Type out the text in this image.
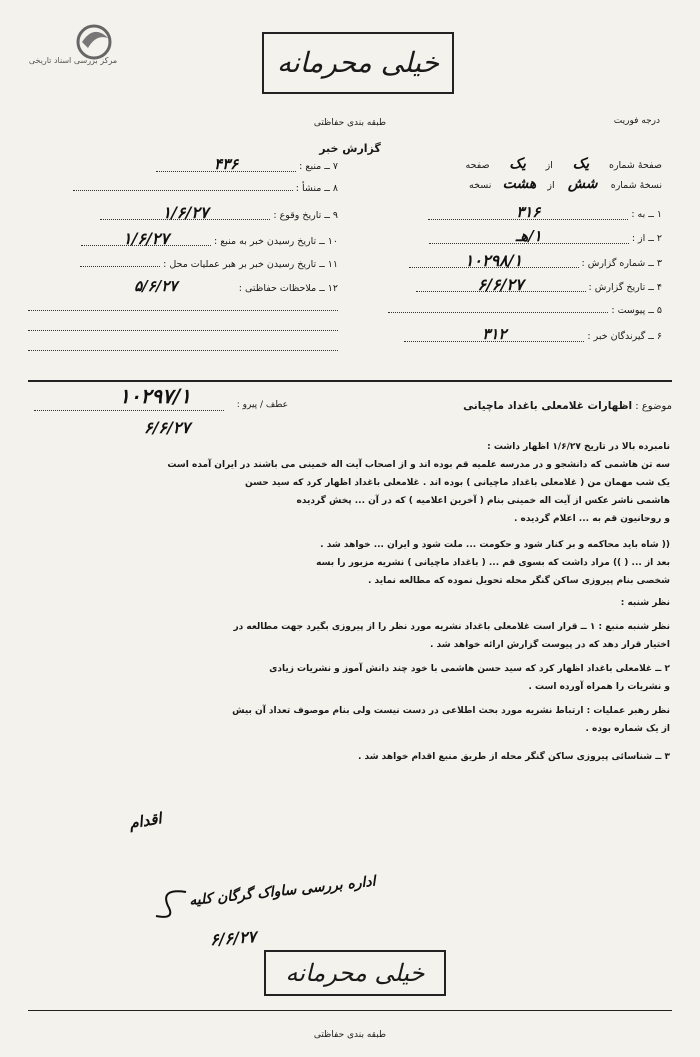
مرکز بررسی اسناد تاریخی	خیلی محرمانه
طبقه بندی حفاظتی	درجه فوریت
گزارش خبر
۷ ــ منبع : ۴۳۶
۸ ــ منشأ :
۹ ــ تاریخ وقوع : ۱/۶/۲۷
۱۰ ــ تاریخ رسیدن خبر به منبع : ۱/۶/۲۷
۱۱ ــ تاریخ رسیدن خبر بر هبر عملیات محل :
۱۲ ــ ملاحظات حفاظتی : ۵/۶/۲۷
صفحهٔ شماره یک از یک صفحه
نسخهٔ شماره شش از هشت نسخه
۱ ــ به : ۳۱۶
۲ ــ از : ۱/هـ
۳ ــ شماره گزارش : ۱۰۲۹۸/۱
۴ ــ تاریخ گزارش : ۶/۶/۲۷
۵ ــ پیوست :
۶ ــ گیرندگان خبر : ۳۱۲
موضوع : اظهارات غلامعلی باغداد ماچیانی
عطف / پیرو :
۱۰۲۹۷/۱
۶/۶/۲۷
نامبرده بالا در تاریخ ۱/۶/۲۷ اظهار داشت :
سه تن هاشمی که دانشجو و در مدرسه علمیه قم بوده اند و از اصحاب آیت اله خمینی می باشند در ایران آمده است
یک شب مهمان من ( غلامعلی باغداد ماچیانی ) بوده اند . غلامعلی باغداد اظهار کرد که سید حسن
هاشمی ناشر عکس از آیت اله خمینی بنام ( آخرین اعلامیه ) که در آن ... پخش گردیده
و روحانیون قم به ... اعلام گردیده .
(( شاه باید محاکمه و بر کنار شود و حکومت ... ملت شود و ایران ... خواهد شد .
بعد از ... ( )) مراد داشت که بسوی قم ... ( باغداد ماچیانی ) نشریه مزبور را بسه
شخصی بنام پیروزی ساکن گنگر محله تحویل نموده که مطالعه نماید .
نظر شنبه :
نظر شنبه منبع : ۱ ــ قرار است غلامعلی باغداد نشریه مورد نظر را از پیروزی بگیرد جهت مطالعه در
اختیار قرار دهد که در پیوست گزارش ارائه خواهد شد .
۲ ــ غلامعلی باغداد اظهار کرد که سید حسن هاشمی با خود چند دانش آموز و نشریات زیادی
و نشریات را همراه آورده است .
نظر رهبر عملیات : ارتباط نشریه مورد بحث اطلاعی در دست نیست ولی بنام موصوف تعداد آن بیش
از یک شماره بوده .
۳ ــ شناسائی پیروزی ساکن گنگر محله از طریق منبع اقدام خواهد شد .
اداره بررسی ساواک گرگان کلیه
۶/۶/۲۷
اقدام
خیلی محرمانه
طبقه بندی حفاظتی
